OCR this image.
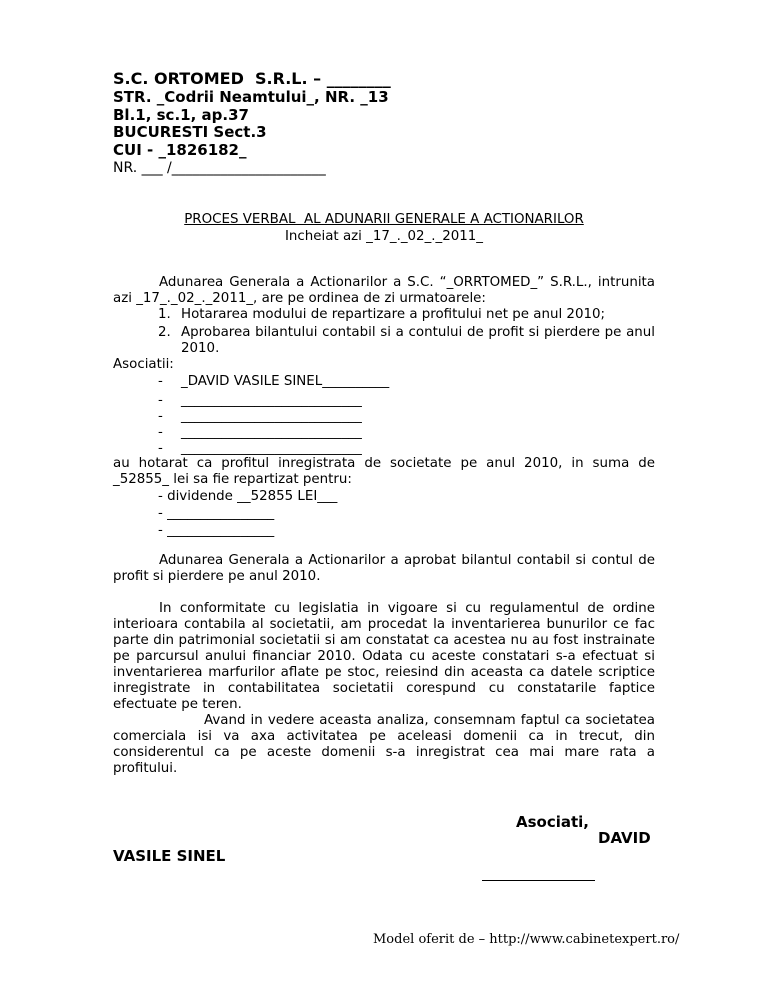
S.C. ORTOMED  S.R.L. – ________
STR. _Codrii Neamtului_, NR. _13
Bl.1, sc.1, ap.37
BUCURESTI Sect.3
CUI - _1826182_
NR. ___ /______________________
PROCES VERBAL  AL ADUNARII GENERALE A ACTIONARILOR
Incheiat azi _17_._02_._2011_
Adunarea Generala a Actionarilor a S.C. “_ORRTOMED_” S.R.L., intrunita azi _17_._02_._2011_, are pe ordinea de zi urmatoarele:
1. Hotararea modului de repartizare a profitului net pe anul 2010;
2. Aprobarea bilantului contabil si a contului de profit si pierdere pe anul 2010.
Asociatii:
- _DAVID VASILE SINEL__________
- ___________________________
- ___________________________
- ___________________________
- ___________________________
au hotarat ca profitul inregistrata de societate pe anul 2010, in suma de _52855_ lei sa fie repartizat pentru:
- dividende __52855 LEI___
- ________________
- ________________
Adunarea Generala a Actionarilor a aprobat bilantul contabil si contul de profit si pierdere pe anul 2010.
In conformitate cu legislatia in vigoare si cu regulamentul de ordine interioara contabila al societatii, am procedat la inventarierea bunurilor ce fac parte din patrimonial societatii si am constatat ca acestea nu au fost instrainate pe parcursul anului financiar 2010. Odata cu aceste constatari s-a efectuat si inventarierea marfurilor aflate pe stoc, reiesind din aceasta ca datele scriptice inregistrate in contabilitatea societatii corespund cu constatarile faptice efectuate pe teren.
Avand in vedere aceasta analiza, consemnam faptul ca societatea comerciala isi va axa activitatea pe aceleasi domenii ca in trecut, din considerentul ca pe aceste domenii s-a inregistrat cea mai mare rata a profitului.
Asociati,
DAVID
VASILE SINEL
Model oferit de – http://www.cabinetexpert.ro/
